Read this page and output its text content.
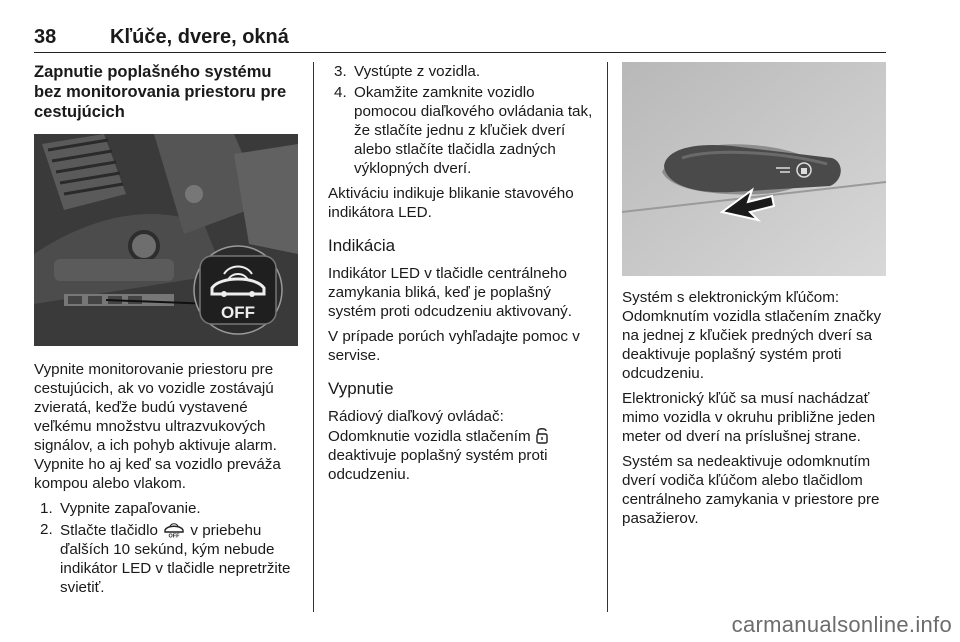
38	Kľúče, dvere, okná
Zapnutie poplašného systému bez monitorovania priestoru pre cestujúcich
OFF

Vypnite monitorovanie priestoru pre cestujúcich, ak vo vozidle zostávajú zvieratá, keďže budú vystavené veľkému množstvu ultrazvukových signálov, a ich pohyb aktivuje alarm. Vypnite ho aj keď sa vozidlo preváža kompou alebo vlakom.

1. Vypnite zapaľovanie.
2. Stlačte tlačidlo OFF v priebehu ďalších 10 sekúnd, kým nebude indikátor LED v tlačidle nepretržite svietiť.
3. Vystúpte z vozidla.
4. Okamžite zamknite vozidlo pomocou diaľkového ovládania tak, že stlačíte jednu z kľučiek dverí alebo stlačíte tlačidla zadných výklopných dverí.

Aktiváciu indikuje blikanie stavového indikátora LED.

Indikácia

Indikátor LED v tlačidle centrálneho zamykania bliká, keď je poplašný systém proti odcudzeniu aktivovaný.

V prípade porúch vyhľadajte pomoc v servise.

Vypnutie

Rádiový diaľkový ovládač:

Odomknutie vozidla stlačením  deaktivuje poplašný systém proti odcudzeniu.

Systém s elektronickým kľúčom: Odomknutím vozidla stlačením značky na jednej z kľučiek predných dverí sa deaktivuje poplašný systém proti odcudzeniu.

Elektronický kľúč sa musí nachádzať mimo vozidla v okruhu približne jeden meter od dverí na príslušnej strane.

Systém sa nedeaktivuje odomknutím dverí vodiča kľúčom alebo tlačidlom centrálneho zamykania v priestore pre pasažierov.

carmanualsonline.info
